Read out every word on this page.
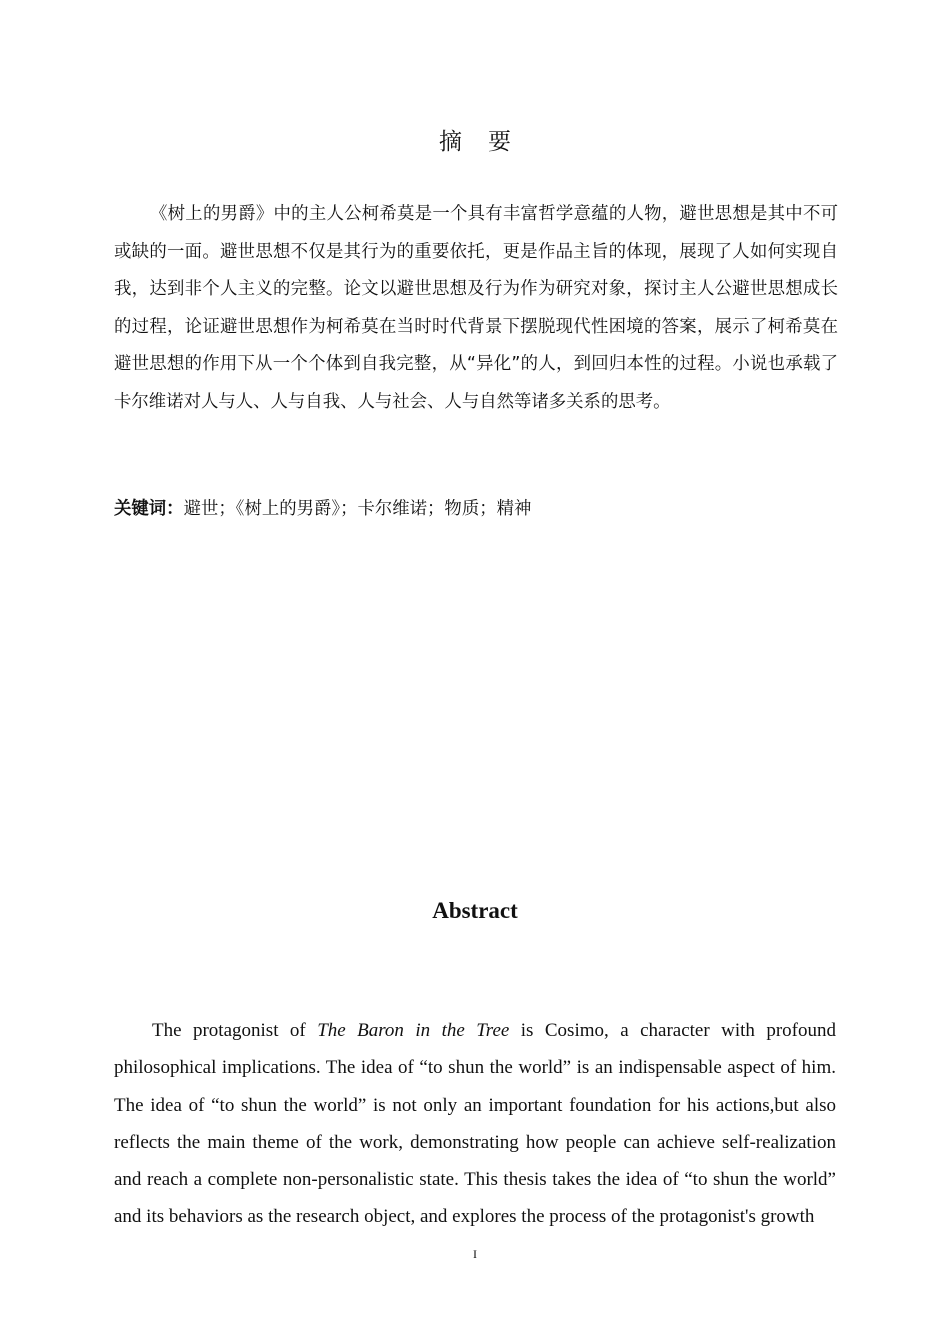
摘要

《树上的男爵》中的主人公柯希莫是一个具有丰富哲学意蕴的人物，避世思想是其中不可或缺的一面。避世思想不仅是其行为的重要依托，更是作品主旨的体现，展现了人如何实现自我，达到非个人主义的完整。论文以避世思想及行为作为研究对象，探讨主人公避世思想成长的过程，论证避世思想作为柯希莫在当时时代背景下摆脱现代性困境的答案，展示了柯希莫在避世思想的作用下从一个个体到自我完整，从“异化”的人，到回归本性的过程。小说也承载了卡尔维诺对人与人、人与自我、人与社会、人与自然等诸多关系的思考。

关键词：避世；《树上的男爵》；卡尔维诺；物质；精神

Abstract

The protagonist of The Baron in the Tree is Cosimo, a character with profound philosophical implications. The idea of “to shun the world” is an indispensable aspect of him. The idea of “to shun the world” is not only an important foundation for his actions,but also reflects the main theme of the work, demonstrating how people can achieve self-realization and reach a complete non-personalistic state. This thesis takes the idea of “to shun the world” and its behaviors as the research object, and explores the process of the protagonist's growth

I
